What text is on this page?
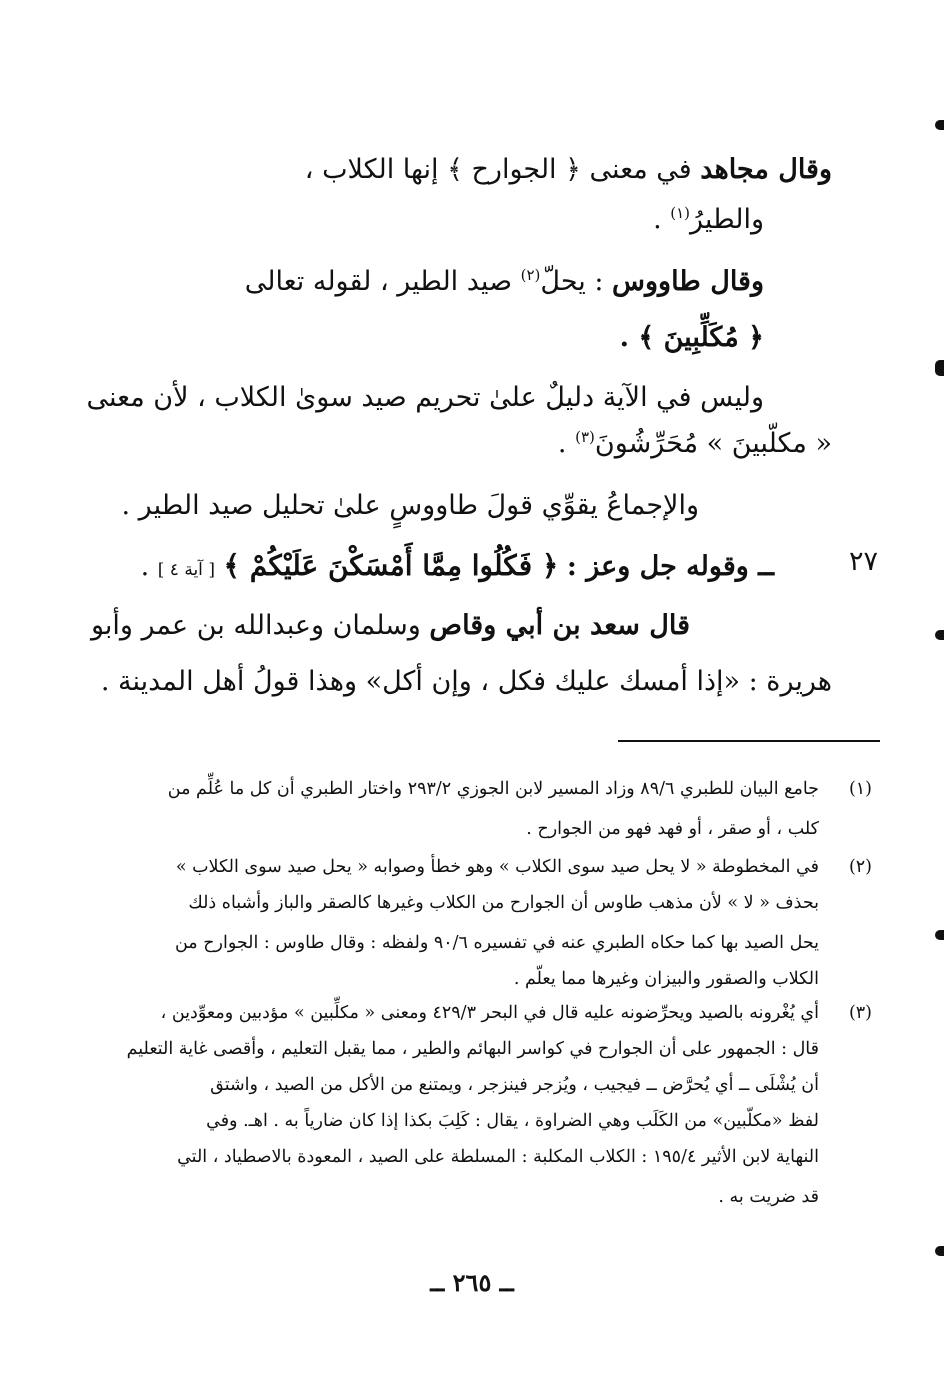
وقال مجاهد في معنى ﴿ الجوارح ﴾ إنها الكلاب ،
والطيرُ$^{(١)}$ .
وقال طاووس : يحلّ$^{(٢)}$ صيد الطير ، لقوله تعالى
﴿ مُكَلِّبِينَ ﴾ .
وليس في الآية دليلٌ علىٰ تحريم صيد سوىٰ الكلاب ، لأن معنى
« مكلّبينَ » مُحَرِّشُونَ$^{(٣)}$ .
والإجماعُ يقوِّي قولَ طاووسٍ علىٰ تحليل صيد الطير .
٢٧
ــ وقوله جل وعز : ﴿ فَكُلُوا مِمَّا أَمْسَكْنَ عَلَيْكُمْ ﴾ [ آية ٤ ] .
قال سعد بن أبي وقاص وسلمان وعبدالله بن عمر وأبو
هريرة : «إذا أمسك عليك فكل ، وإن أكل» وهذا قولُ أهل المدينة .
(١)
جامع البيان للطبري ٨٩/٦ وزاد المسير لابن الجوزي ٢٩٣/٢ واختار الطبري أن كل ما عُلِّم من
كلب ، أو صقر ، أو فهد فهو من الجوارح .
(٢)
في المخطوطة « لا يحل صيد سوى الكلاب » وهو خطأ وصوابه « يحل صيد سوى الكلاب »
بحذف « لا » لأن مذهب طاوس أن الجوارح من الكلاب وغيرها كالصقر والباز وأشباه ذلك
يحل الصيد بها كما حكاه الطبري عنه في تفسيره ٩٠/٦ ولفظه : وقال طاوس : الجوارح من
الكلاب والصقور والبيزان وغيرها مما يعلّم .
(٣)
أي يُغْرونه بالصيد ويحرِّضونه عليه قال في البحر ٤٢٩/٣ ومعنى « مكلِّبين » مؤدبين ومعوِّدين ،
قال : الجمهور على أن الجوارح في كواسر البهائم والطير ، مما يقبل التعليم ، وأقصى غاية التعليم
أن يُشْلَى ــ أي يُحرَّض ــ فيجيب ، ويُزجر فينزجر ، ويمتنع من الأكل من الصيد ، واشتق
لفظ «مكلّبين» من الكَلَب وهي الضراوة ، يقال : كَلِبَ بكذا إذا كان ضارياً به . اهـ. وفي
النهاية لابن الأثير ١٩٥/٤ : الكلاب المكلبة : المسلطة على الصيد ، المعودة بالاصطياد ، التي
قد ضريت به .
ــ ٢٦٥ ــ
